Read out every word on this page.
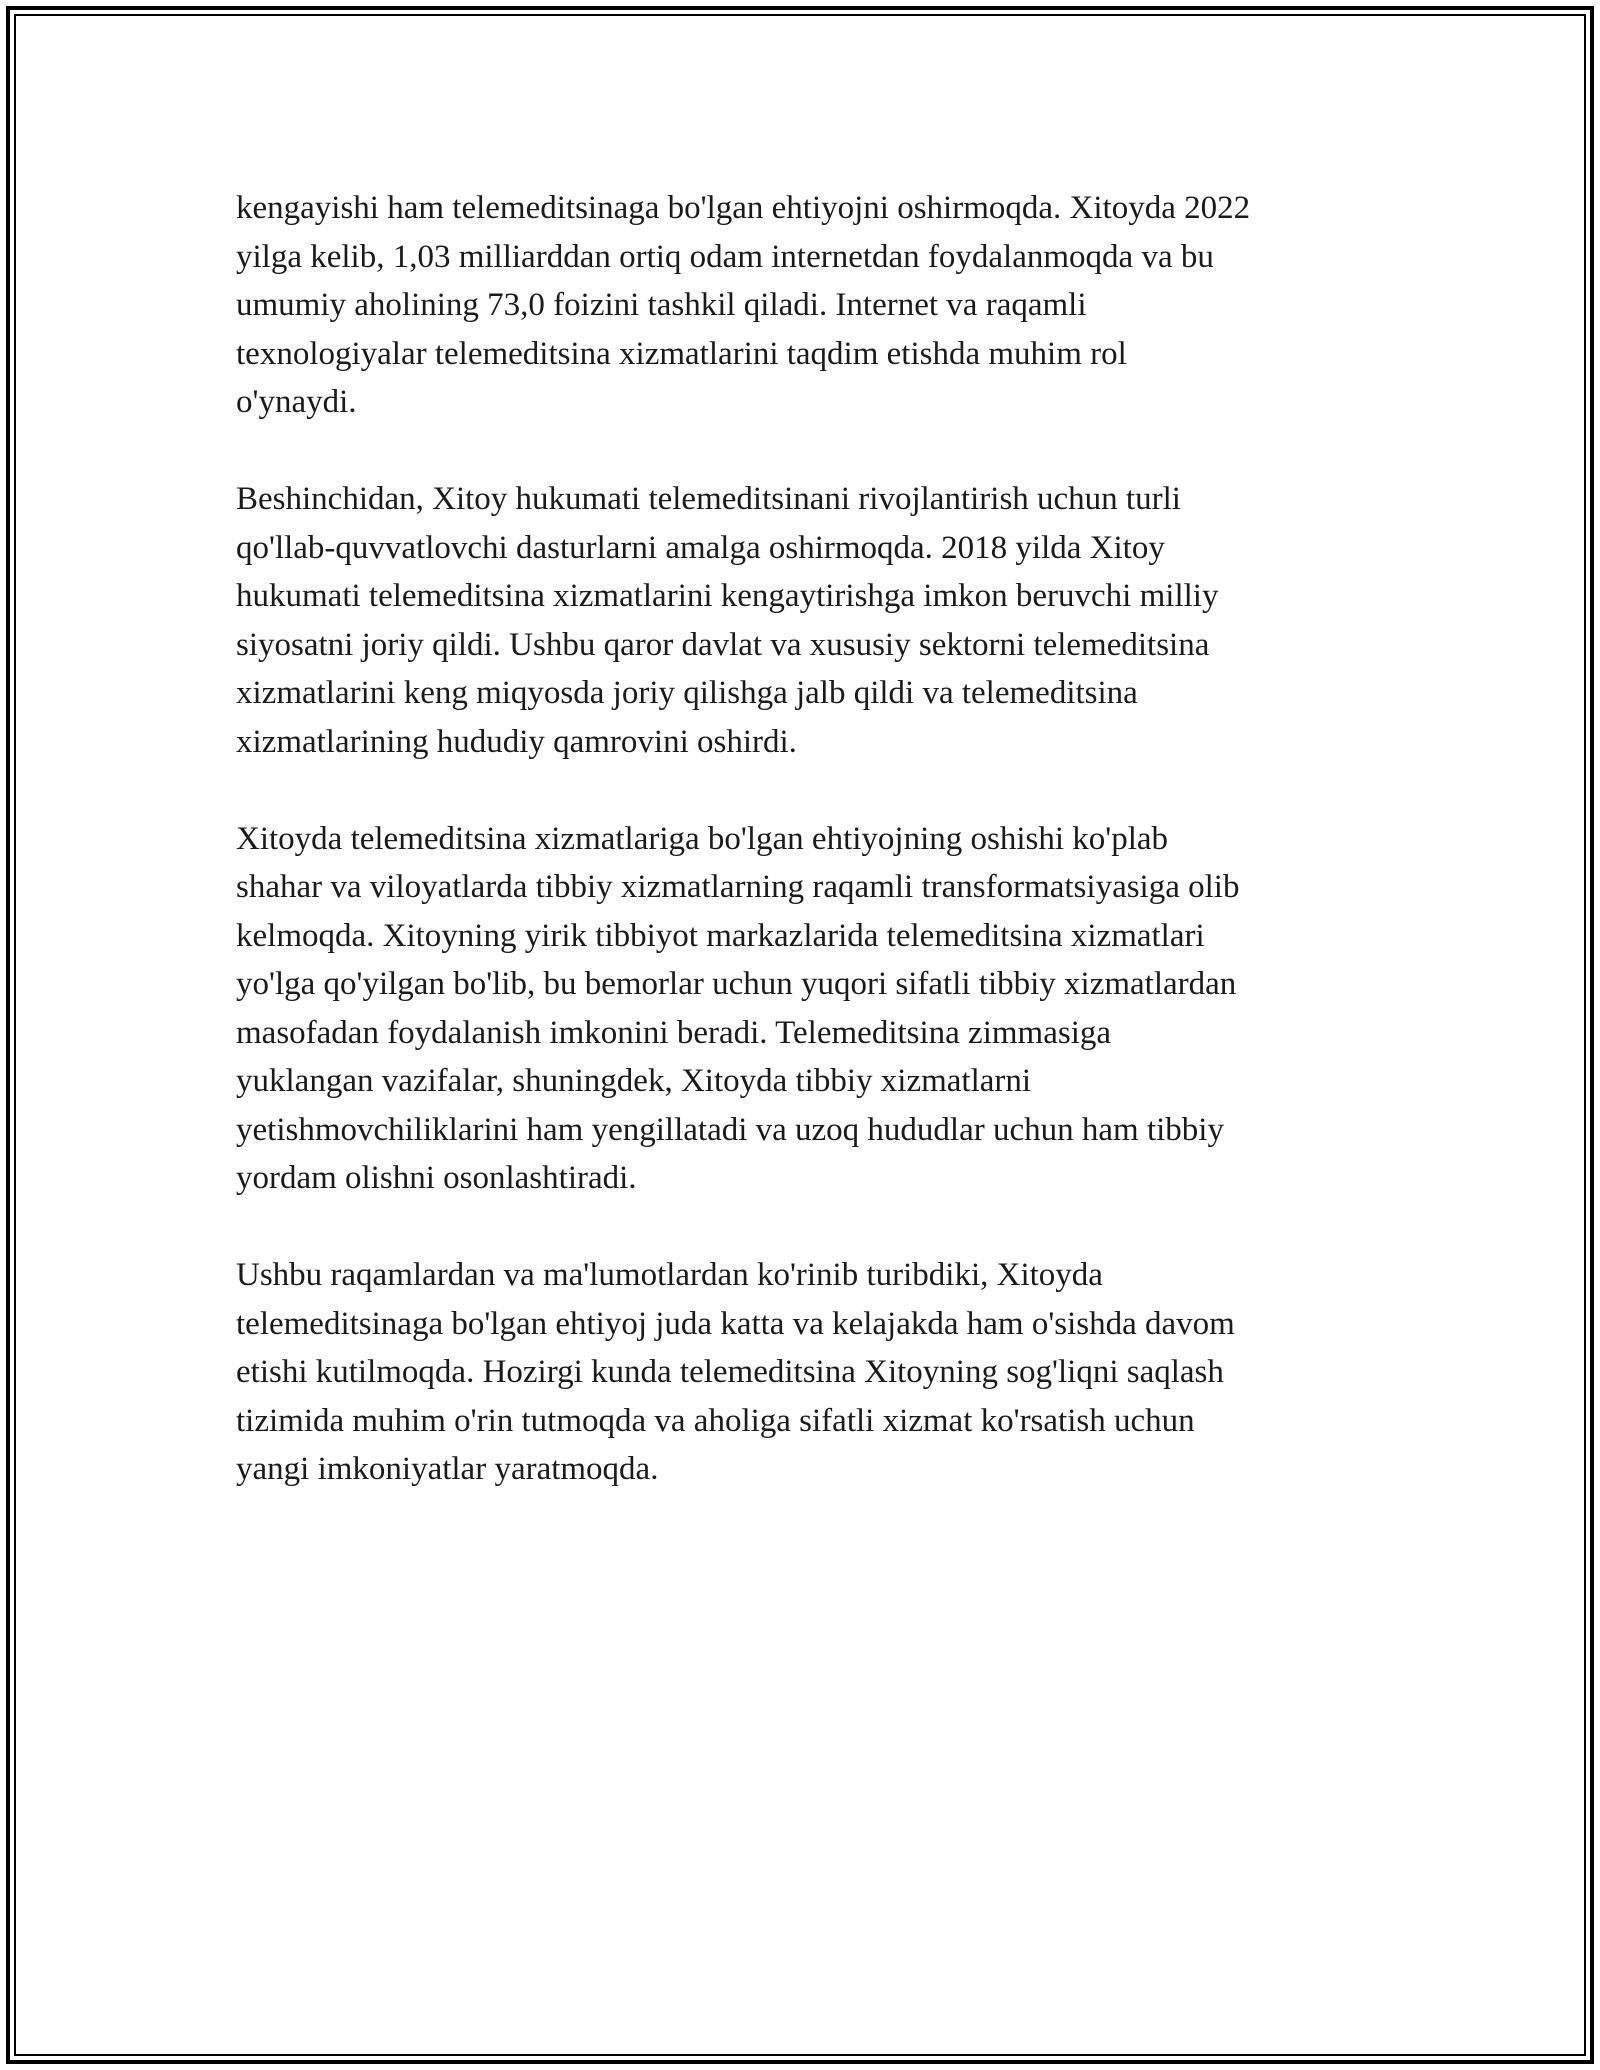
kengayishi ham telemeditsinaga bo'lgan ehtiyojni oshirmoqda. Xitoyda 2022
yilga kelib, 1,03 milliarddan ortiq odam internetdan foydalanmoqda va bu
umumiy aholining 73,0 foizini tashkil qiladi. Internet va raqamli
texnologiyalar telemeditsina xizmatlarini taqdim etishda muhim rol
o'ynaydi.

Beshinchidan, Xitoy hukumati telemeditsinani rivojlantirish uchun turli
qo'llab-quvvatlovchi dasturlarni amalga oshirmoqda. 2018 yilda Xitoy
hukumati telemeditsina xizmatlarini kengaytirishga imkon beruvchi milliy
siyosatni joriy qildi. Ushbu qaror davlat va xususiy sektorni telemeditsina
xizmatlarini keng miqyosda joriy qilishga jalb qildi va telemeditsina
xizmatlarining hududiy qamrovini oshirdi.

Xitoyda telemeditsina xizmatlariga bo'lgan ehtiyojning oshishi ko'plab
shahar va viloyatlarda tibbiy xizmatlarning raqamli transformatsiyasiga olib
kelmoqda. Xitoyning yirik tibbiyot markazlarida telemeditsina xizmatlari
yo'lga qo'yilgan bo'lib, bu bemorlar uchun yuqori sifatli tibbiy xizmatlardan
masofadan foydalanish imkonini beradi. Telemeditsina zimmasiga
yuklangan vazifalar, shuningdek, Xitoyda tibbiy xizmatlarni
yetishmovchiliklarini ham yengillatadi va uzoq hududlar uchun ham tibbiy
yordam olishni osonlashtiradi.

Ushbu raqamlardan va ma'lumotlardan ko'rinib turibdiki, Xitoyda
telemeditsinaga bo'lgan ehtiyoj juda katta va kelajakda ham o'sishda davom
etishi kutilmoqda. Hozirgi kunda telemeditsina Xitoyning sog'liqni saqlash
tizimida muhim o'rin tutmoqda va aholiga sifatli xizmat ko'rsatish uchun
yangi imkoniyatlar yaratmoqda.
